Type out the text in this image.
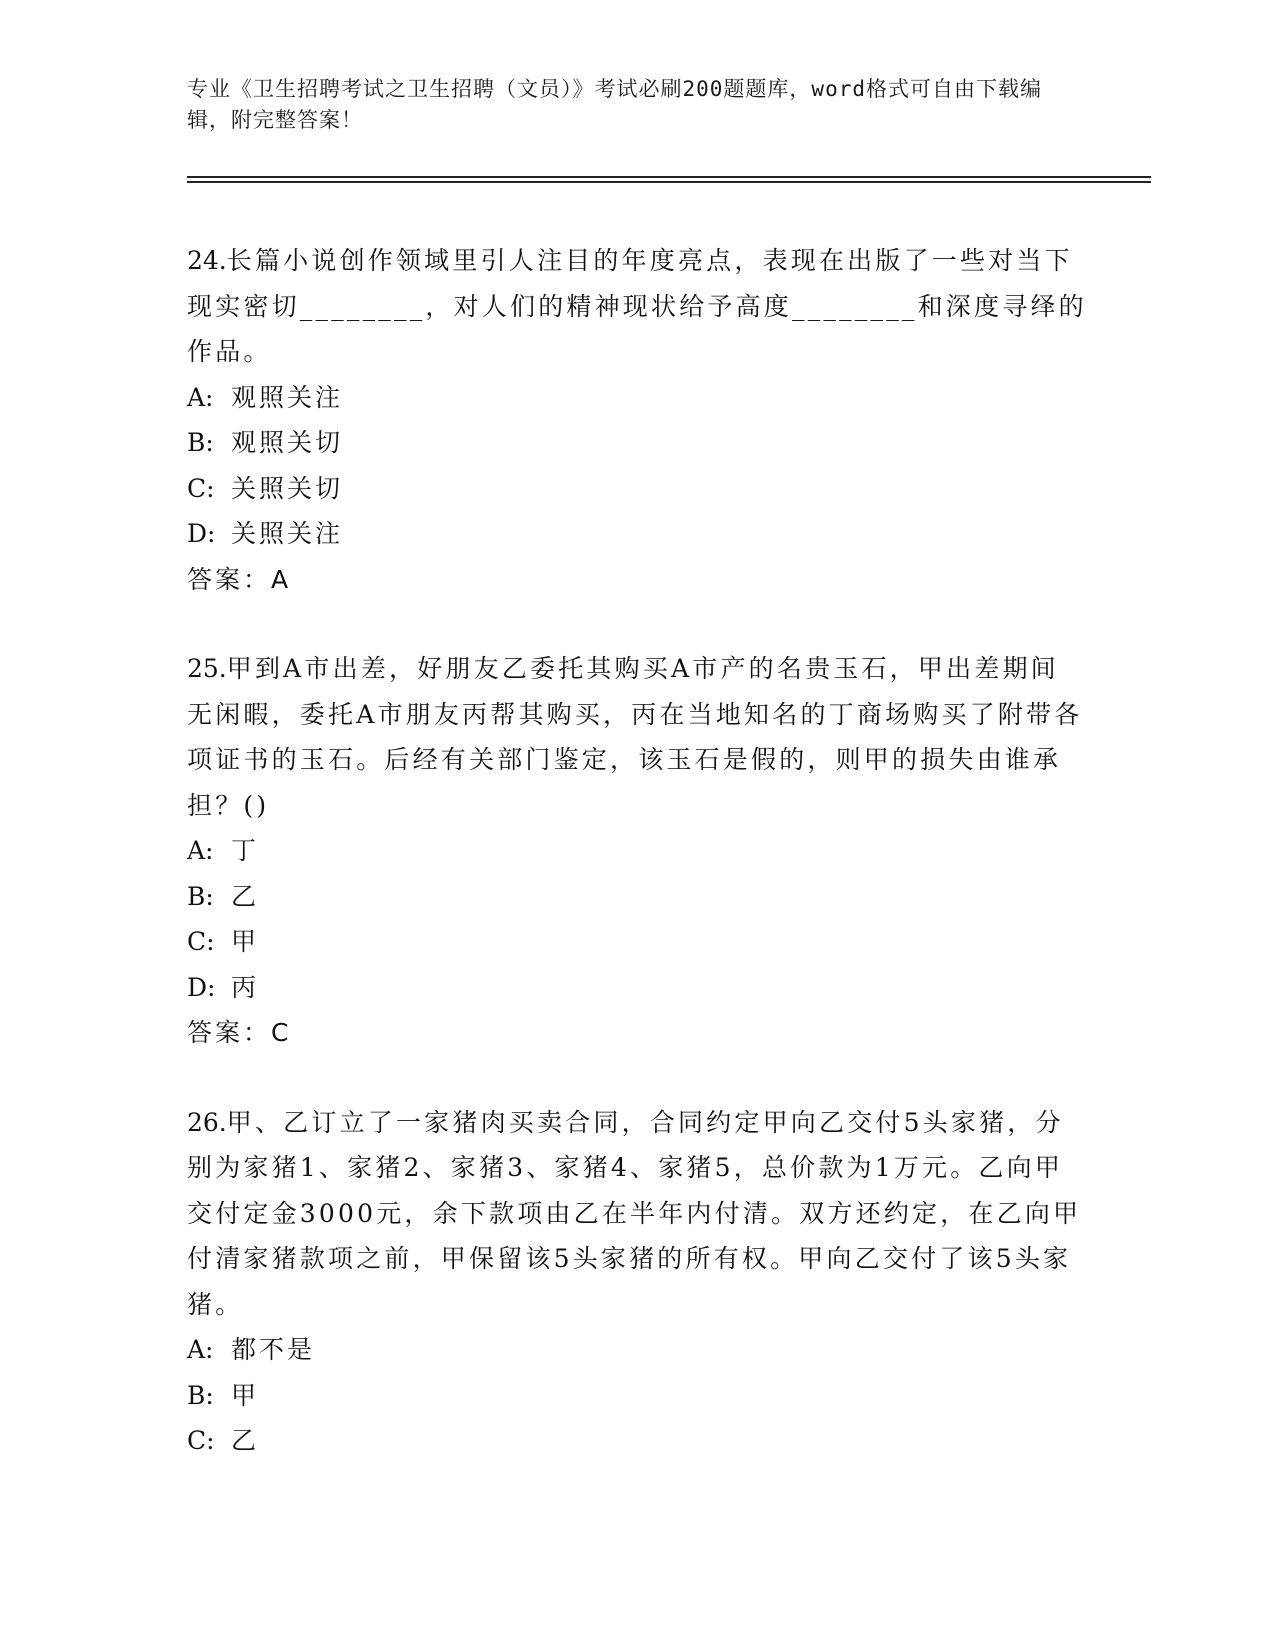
专业《卫生招聘考试之卫生招聘（文员）》考试必刷200题题库，word格式可自由下载编辑，附完整答案！

24.长篇小说创作领域里引人注目的年度亮点，表现在出版了一些对当下现实密切________，对人们的精神现状给予高度________和深度寻绎的作品。

A: 观照关注

B: 观照关切

C: 关照关切

D: 关照关注

答案：A

25.甲到A市出差，好朋友乙委托其购买A市产的名贵玉石，甲出差期间无闲暇，委托A市朋友丙帮其购买，丙在当地知名的丁商场购买了附带各项证书的玉石。后经有关部门鉴定，该玉石是假的，则甲的损失由谁承担？()

A: 丁

B: 乙

C: 甲

D: 丙

答案：C

26.甲、乙订立了一家猪肉买卖合同，合同约定甲向乙交付5头家猪，分别为家猪1、家猪2、家猪3、家猪4、家猪5，总价款为1万元。乙向甲交付定金3000元，余下款项由乙在半年内付清。双方还约定，在乙向甲付清家猪款项之前，甲保留该5头家猪的所有权。甲向乙交付了该5头家猪。

A: 都不是

B: 甲

C: 乙
